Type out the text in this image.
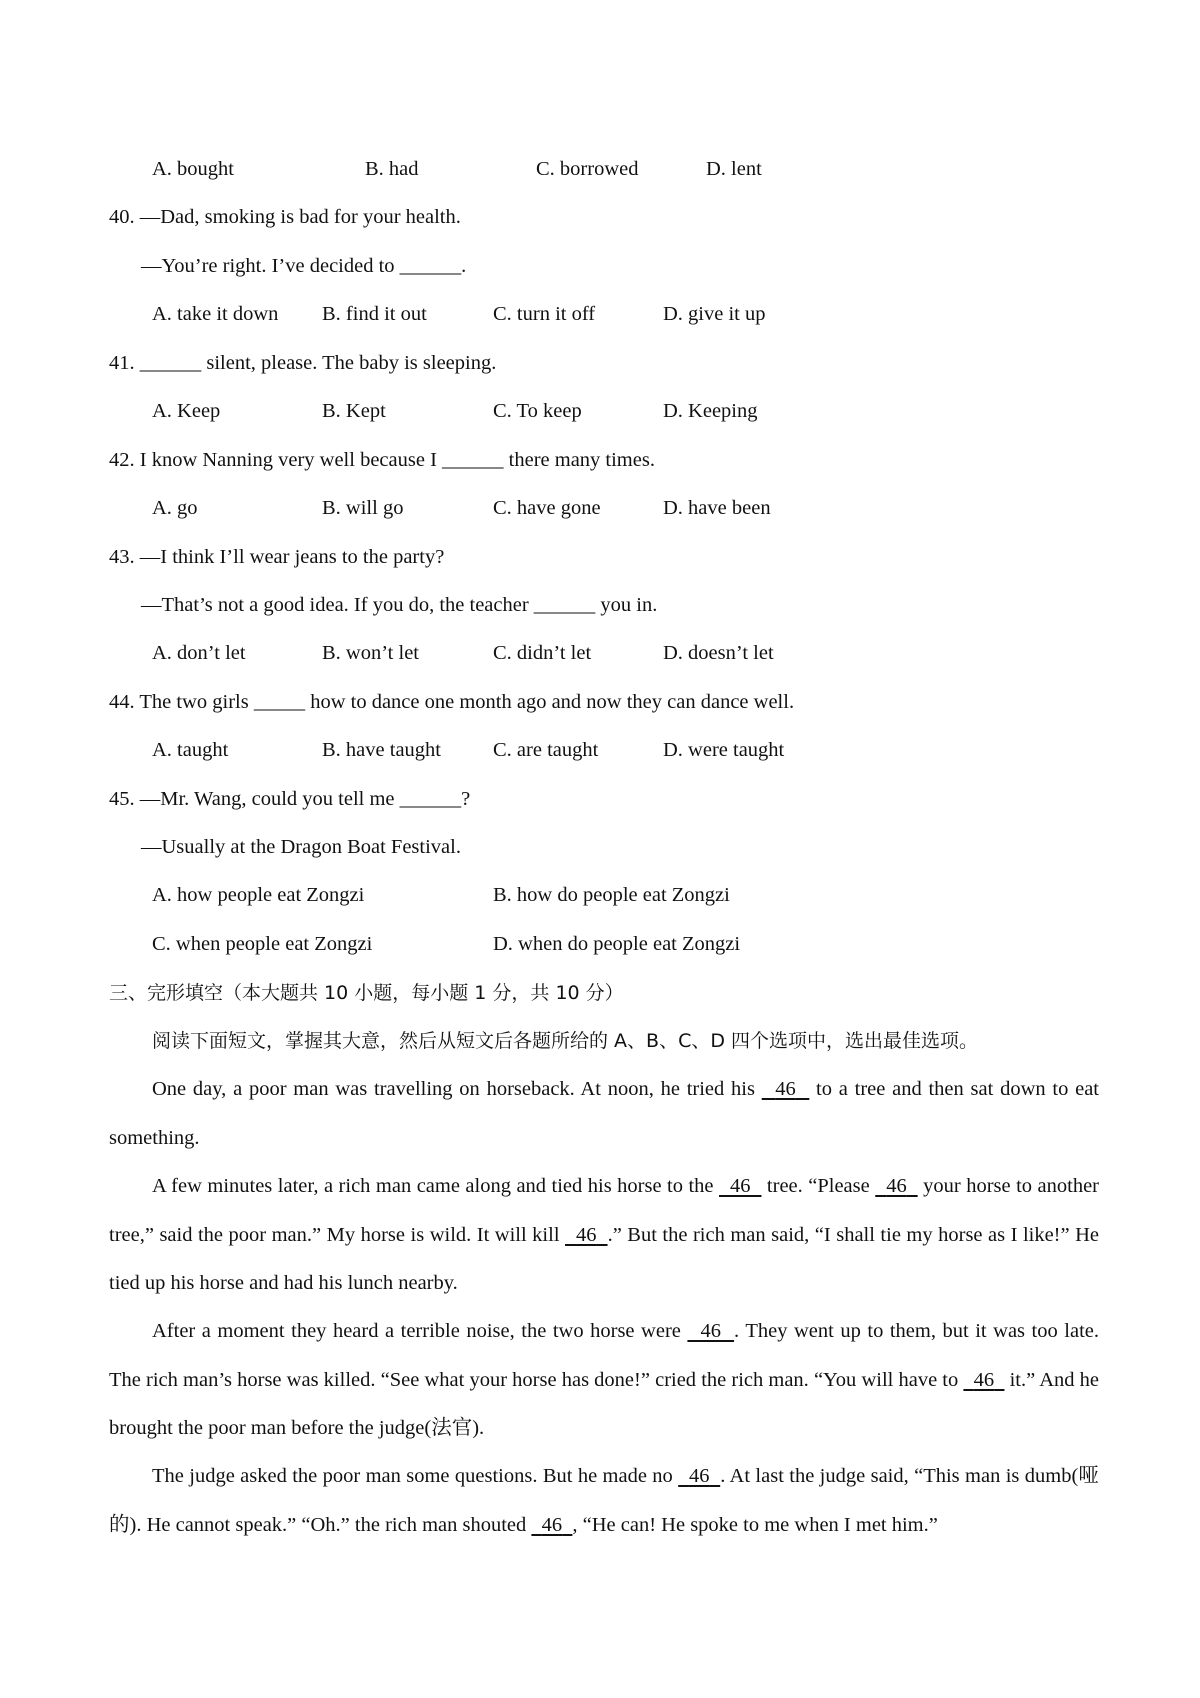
A. bought	B. had	C. borrowed	D. lent
40. —Dad, smoking is bad for your health.
—You’re right. I’ve decided to ______.
A. take it down B. find it out	C. turn it off	D. give it up
41. ______ silent, please. The baby is sleeping.
A. Keep	B. Kept	C. To keep	D. Keeping
42. I know Nanning very well because I ______ there many times.
A. go	B. will go	C. have gone	D. have been
43. —I think I’ll wear jeans to the party?
—That’s not a good idea. If you do, the teacher ______ you in.
A. don’t let	B. won’t let	C. didn’t let	D. doesn’t let
44. The two girls _____ how to dance one month ago and now they can dance well.
A. taught	B. have taught	C. are taught	D. were taught
45. —Mr. Wang, could you tell me ______?
—Usually at the Dragon Boat Festival.
A. how people eat Zongzi	B. how do people eat Zongzi
C. when people eat Zongzi	D. when do people eat Zongzi
三、完形填空（本大题共 10 小题，每小题 1 分，共 10 分）
阅读下面短文，掌握其大意，然后从短文后各题所给的 A、B、C、D 四个选项中，选出最佳选项。
One day, a poor man was travelling on horseback. At noon, he tried his   46   to a tree and then sat down to eat something.
A few minutes later, a rich man came along and tied his horse to the   46   tree. “Please   46   your horse to another tree,” said the poor man.” My horse is wild. It will kill   46 .” But the rich man said, “I shall tie my horse as I like!” He tied up his horse and had his lunch nearby.
After a moment they heard a terrible noise, the two horse were   46 . They went up to them, but it was too late. The rich man’s horse was killed. “See what your horse has done!” cried the rich man. “You will have to   46   it.” And he brought the poor man before the judge(法官).
The judge asked the poor man some questions. But he made no   46 . At last the judge said, “This man is dumb(哑的). He cannot speak.” “Oh.” the rich man shouted   46 , “He can! He spoke to me when I met him.”
